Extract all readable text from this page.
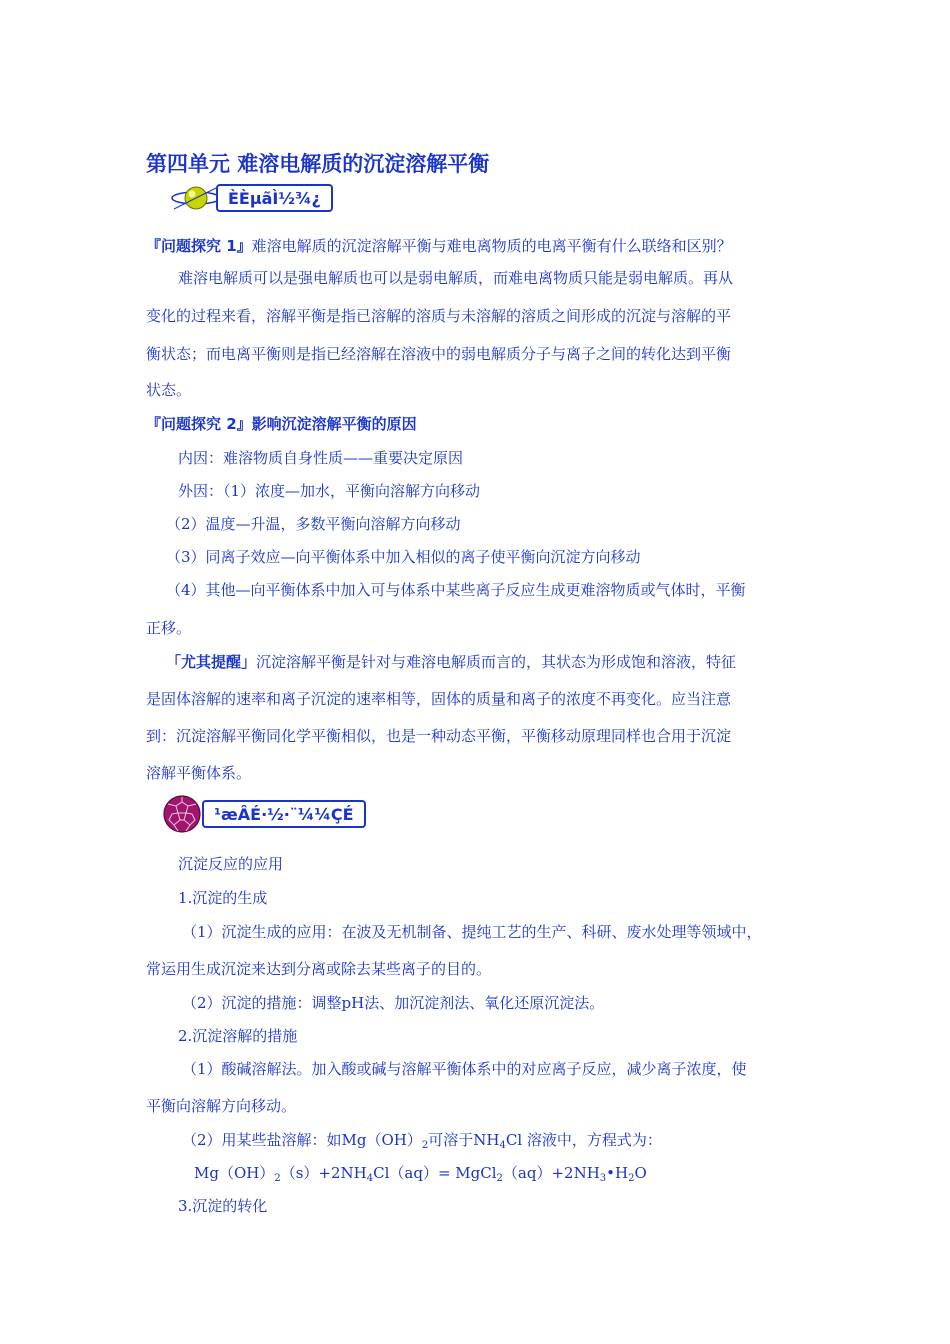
第四单元 难溶电解质的沉淀溶解平衡
ÈÈµãÌ½¾¿
『问题探究 1』难溶电解质的沉淀溶解平衡与难电离物质的电离平衡有什么联络和区别？
难溶电解质可以是强电解质也可以是弱电解质，而难电离物质只能是弱电解质。再从
变化的过程来看，溶解平衡是指已溶解的溶质与未溶解的溶质之间形成的沉淀与溶解的平
衡状态；而电离平衡则是指已经溶解在溶液中的弱电解质分子与离子之间的转化达到平衡
状态。
『问题探究 2』影响沉淀溶解平衡的原因
内因：难溶物质自身性质——重要决定原因
外因：（1）浓度—加水，平衡向溶解方向移动
（2）温度—升温，多数平衡向溶解方向移动
（3）同离子效应—向平衡体系中加入相似的离子使平衡向沉淀方向移动
（4）其他—向平衡体系中加入可与体系中某些离子反应生成更难溶物质或气体时，平衡
正移。
「尤其提醒」沉淀溶解平衡是针对与难溶电解质而言的，其状态为形成饱和溶液，特征
是固体溶解的速率和离子沉淀的速率相等，固体的质量和离子的浓度不再变化。应当注意
到：沉淀溶解平衡同化学平衡相似，也是一种动态平衡，平衡移动原理同样也合用于沉淀
溶解平衡体系。
¹æÂÉ·½·¨¼¼ÇÉ
沉淀反应的应用
1.沉淀的生成
（1）沉淀生成的应用：在波及无机制备、提纯工艺的生产、科研、废水处理等领域中，
常运用生成沉淀来达到分离或除去某些离子的目的。
（2）沉淀的措施：调整pH法、加沉淀剂法、氧化还原沉淀法。
2.沉淀溶解的措施
（1）酸碱溶解法。加入酸或碱与溶解平衡体系中的对应离子反应，减少离子浓度，使
平衡向溶解方向移动。
（2）用某些盐溶解：如$Mg(OH)_2$可溶于$NH_4Cl$ 溶液中，方程式为：
$Mg(OH)_2(s)+2NH_4Cl(aq)=$ $MgCl_2(aq)+2NH_3•H_2O$
3.沉淀的转化
